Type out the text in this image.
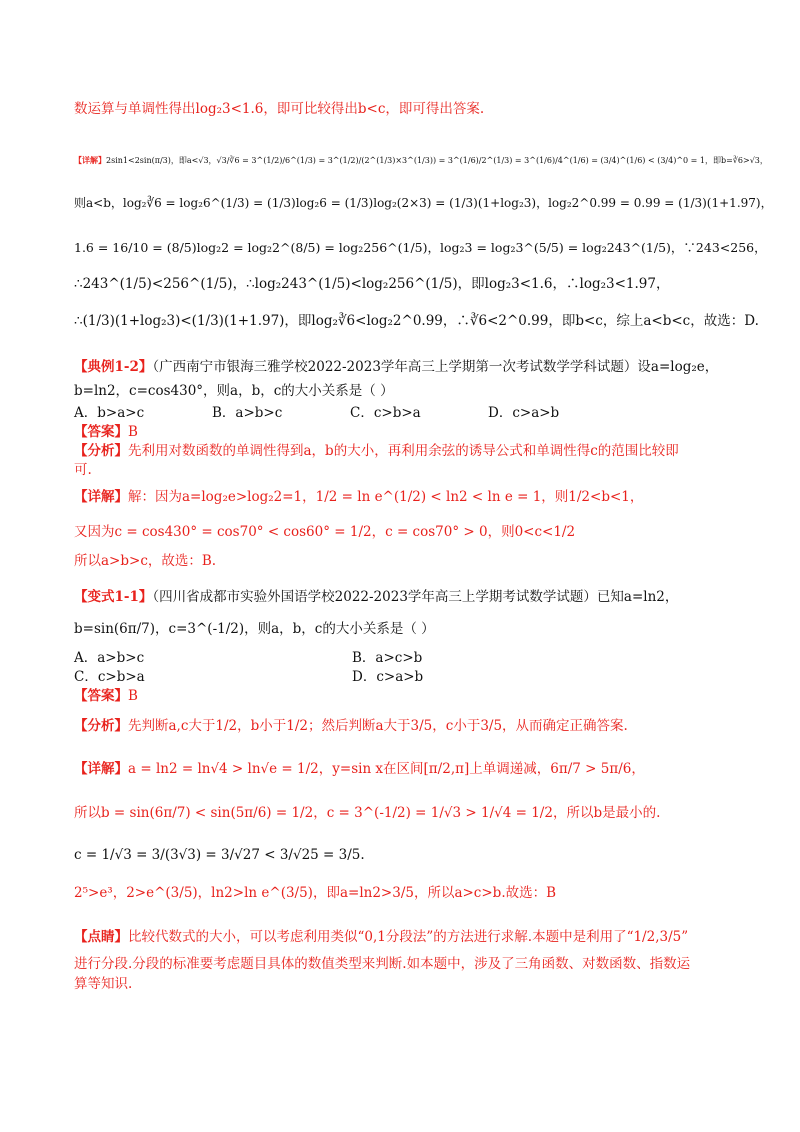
数运算与单调性得出log₂3<1.6，即可比较得出b<c，即可得出答案.
【详解】2sin1<2sin(π/3)，即a<√3，√3/∛6 = 3^(1/2)/6^(1/3) = 3^(1/2)/(2^(1/3)×3^(1/3)) = 3^(1/6)/2^(1/3) = 3^(1/6)/4^(1/6) = (3/4)^(1/6) < (3/4)^0 = 1，即b=∛6>√3，
则a<b，log₂∛6 = log₂6^(1/3) = (1/3)log₂6 = (1/3)log₂(2×3) = (1/3)(1+log₂3)，log₂2^0.99 = 0.99 = (1/3)(1+1.97)，
1.6 = 16/10 = (8/5)log₂2 = log₂2^(8/5) = log₂256^(1/5)，log₂3 = log₂3^(5/5) = log₂243^(1/5)，∵243<256，
∴243^(1/5)<256^(1/5)，∴log₂243^(1/5)<log₂256^(1/5)，即log₂3<1.6，∴log₂3<1.97，
∴(1/3)(1+log₂3)<(1/3)(1+1.97)，即log₂∛6<log₂2^0.99，∴∛6<2^0.99，即b<c，综上a<b<c，故选：D.
【典例1-2】（广西南宁市银海三雅学校2022-2023学年高三上学期第一次考试数学学科试题）设a=log₂e，
b=ln2，c=cos430°，则a，b，c的大小关系是（ ）
A．b>a>c	B．a>b>c	C．c>b>a	D．c>a>b
【答案】B
【分析】先利用对数函数的单调性得到a，b的大小，再利用余弦的诱导公式和单调性得c的范围比较即
可.
【详解】解：因为a=log₂e>log₂2=1，1/2 = ln e^(1/2) < ln2 < ln e = 1，则1/2<b<1，
又因为c = cos430° = cos70° < cos60° = 1/2，c = cos70° > 0，则0<c<1/2
所以a>b>c，故选：B.
【变式1-1】（四川省成都市实验外国语学校2022-2023学年高三上学期考试数学试题）已知a=ln2，
b=sin(6π/7)，c=3^(-1/2)，则a，b，c的大小关系是（ ）
A．a>b>c	B．a>c>b
C．c>b>a	D．c>a>b
【答案】B
【分析】先判断a,c大于1/2，b小于1/2；然后判断a大于3/5，c小于3/5，从而确定正确答案.
【详解】a = ln2 = ln√4 > ln√e = 1/2，y=sin x在区间[π/2,π]上单调递减，6π/7 > 5π/6，
所以b = sin(6π/7) < sin(5π/6) = 1/2，c = 3^(-1/2) = 1/√3 > 1/√4 = 1/2，所以b是最小的.
c = 1/√3 = 3/(3√3) = 3/√27 < 3/√25 = 3/5.
2⁵>e³，2>e^(3/5)，ln2>ln e^(3/5)，即a=ln2>3/5，所以a>c>b.故选：B
【点睛】比较代数式的大小，可以考虑利用类似“0,1分段法”的方法进行求解.本题中是利用了“1/2,3/5”
进行分段.分段的标准要考虑题目具体的数值类型来判断.如本题中，涉及了三角函数、对数函数、指数运
算等知识.
